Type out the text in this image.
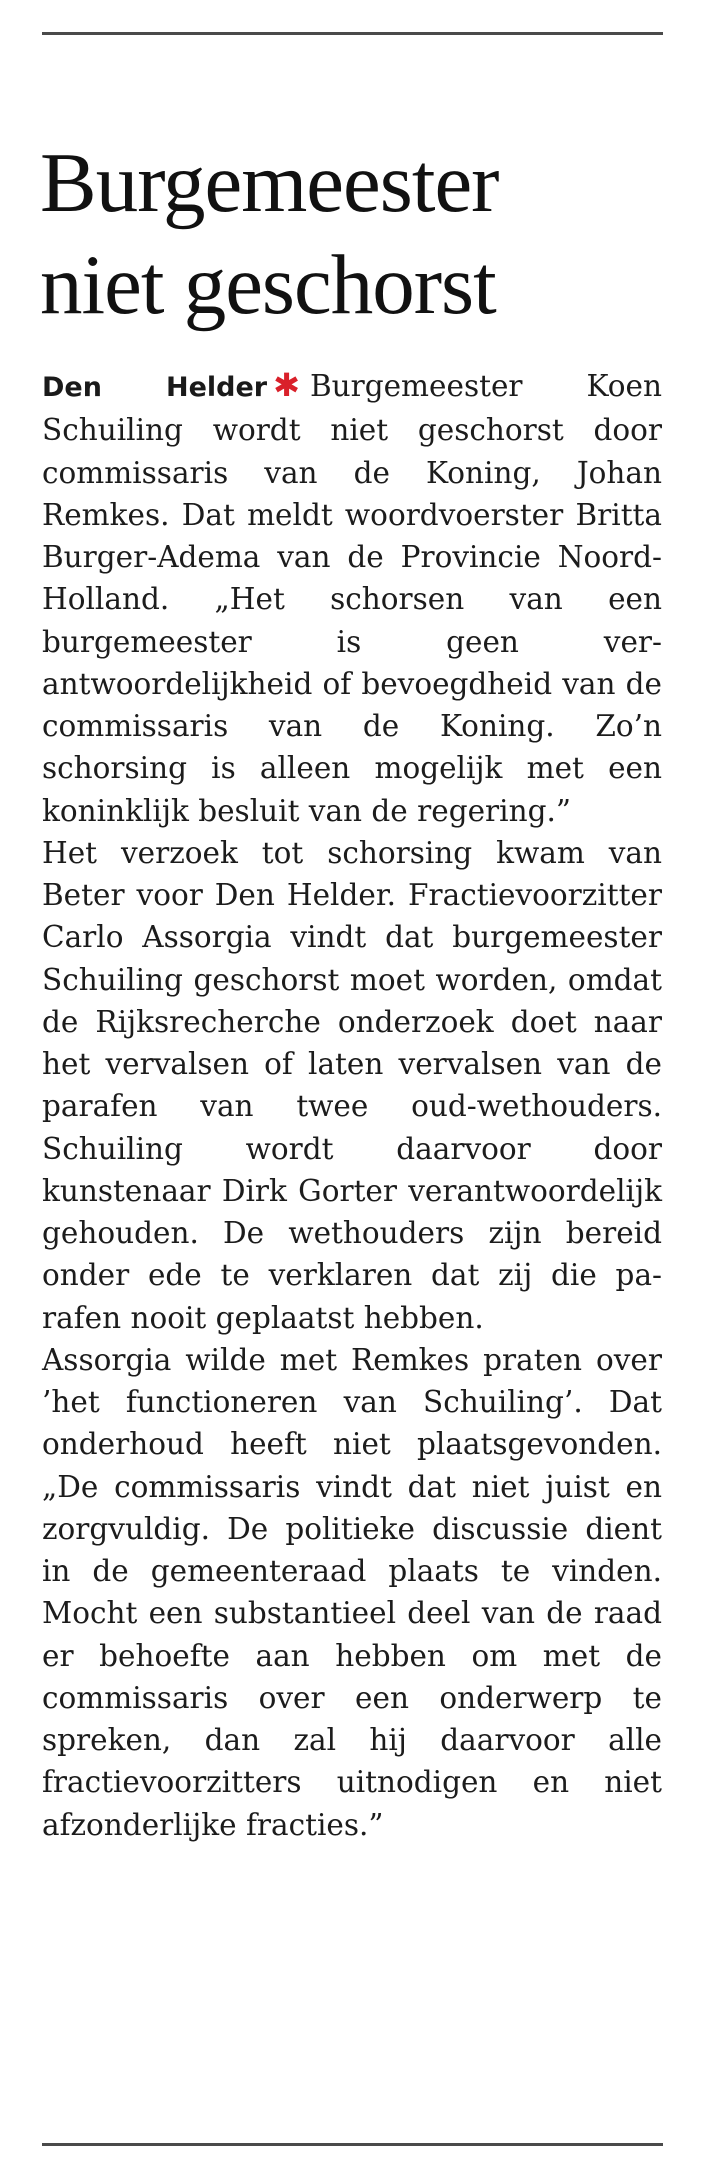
Burgemeester
niet geschorst

Den Helder ✱ Burgemeester Koen Schuiling wordt niet geschorst door commissaris van de Koning, Johan Remkes. Dat meldt woordvoerster Britta Burger-Adema van de Provincie Noord-Holland. „Het schorsen van een burgemeester is geen verantwoordelijkheid of bevoegdheid van de commissaris van de Koning. Zo’n schorsing is alleen mogelijk met een koninklijk besluit van de regering.”

Het verzoek tot schorsing kwam van Beter voor Den Helder. Fractievoorzitter Carlo Assorgia vindt dat burgemeester Schuiling geschorst moet worden, omdat de Rijksrecherche onderzoek doet naar het vervalsen of laten vervalsen van de parafen van twee oud-wethouders. Schuiling wordt daarvoor door kunstenaar Dirk Gorter verantwoordelijk gehouden. De wethouders zijn bereid onder ede te verklaren dat zij die parafen nooit geplaatst hebben.

Assorgia wilde met Remkes praten over ’het functioneren van Schuiling’. Dat onderhoud heeft niet plaatsgevonden. „De commissaris vindt dat niet juist en zorgvuldig. De politieke discussie dient in de gemeenteraad plaats te vinden. Mocht een substantieel deel van de raad er behoefte aan hebben om met de commissaris over een onderwerp te spreken, dan zal hij daarvoor alle fractievoorzitters uitnodigen en niet afzonderlijke fracties.”
